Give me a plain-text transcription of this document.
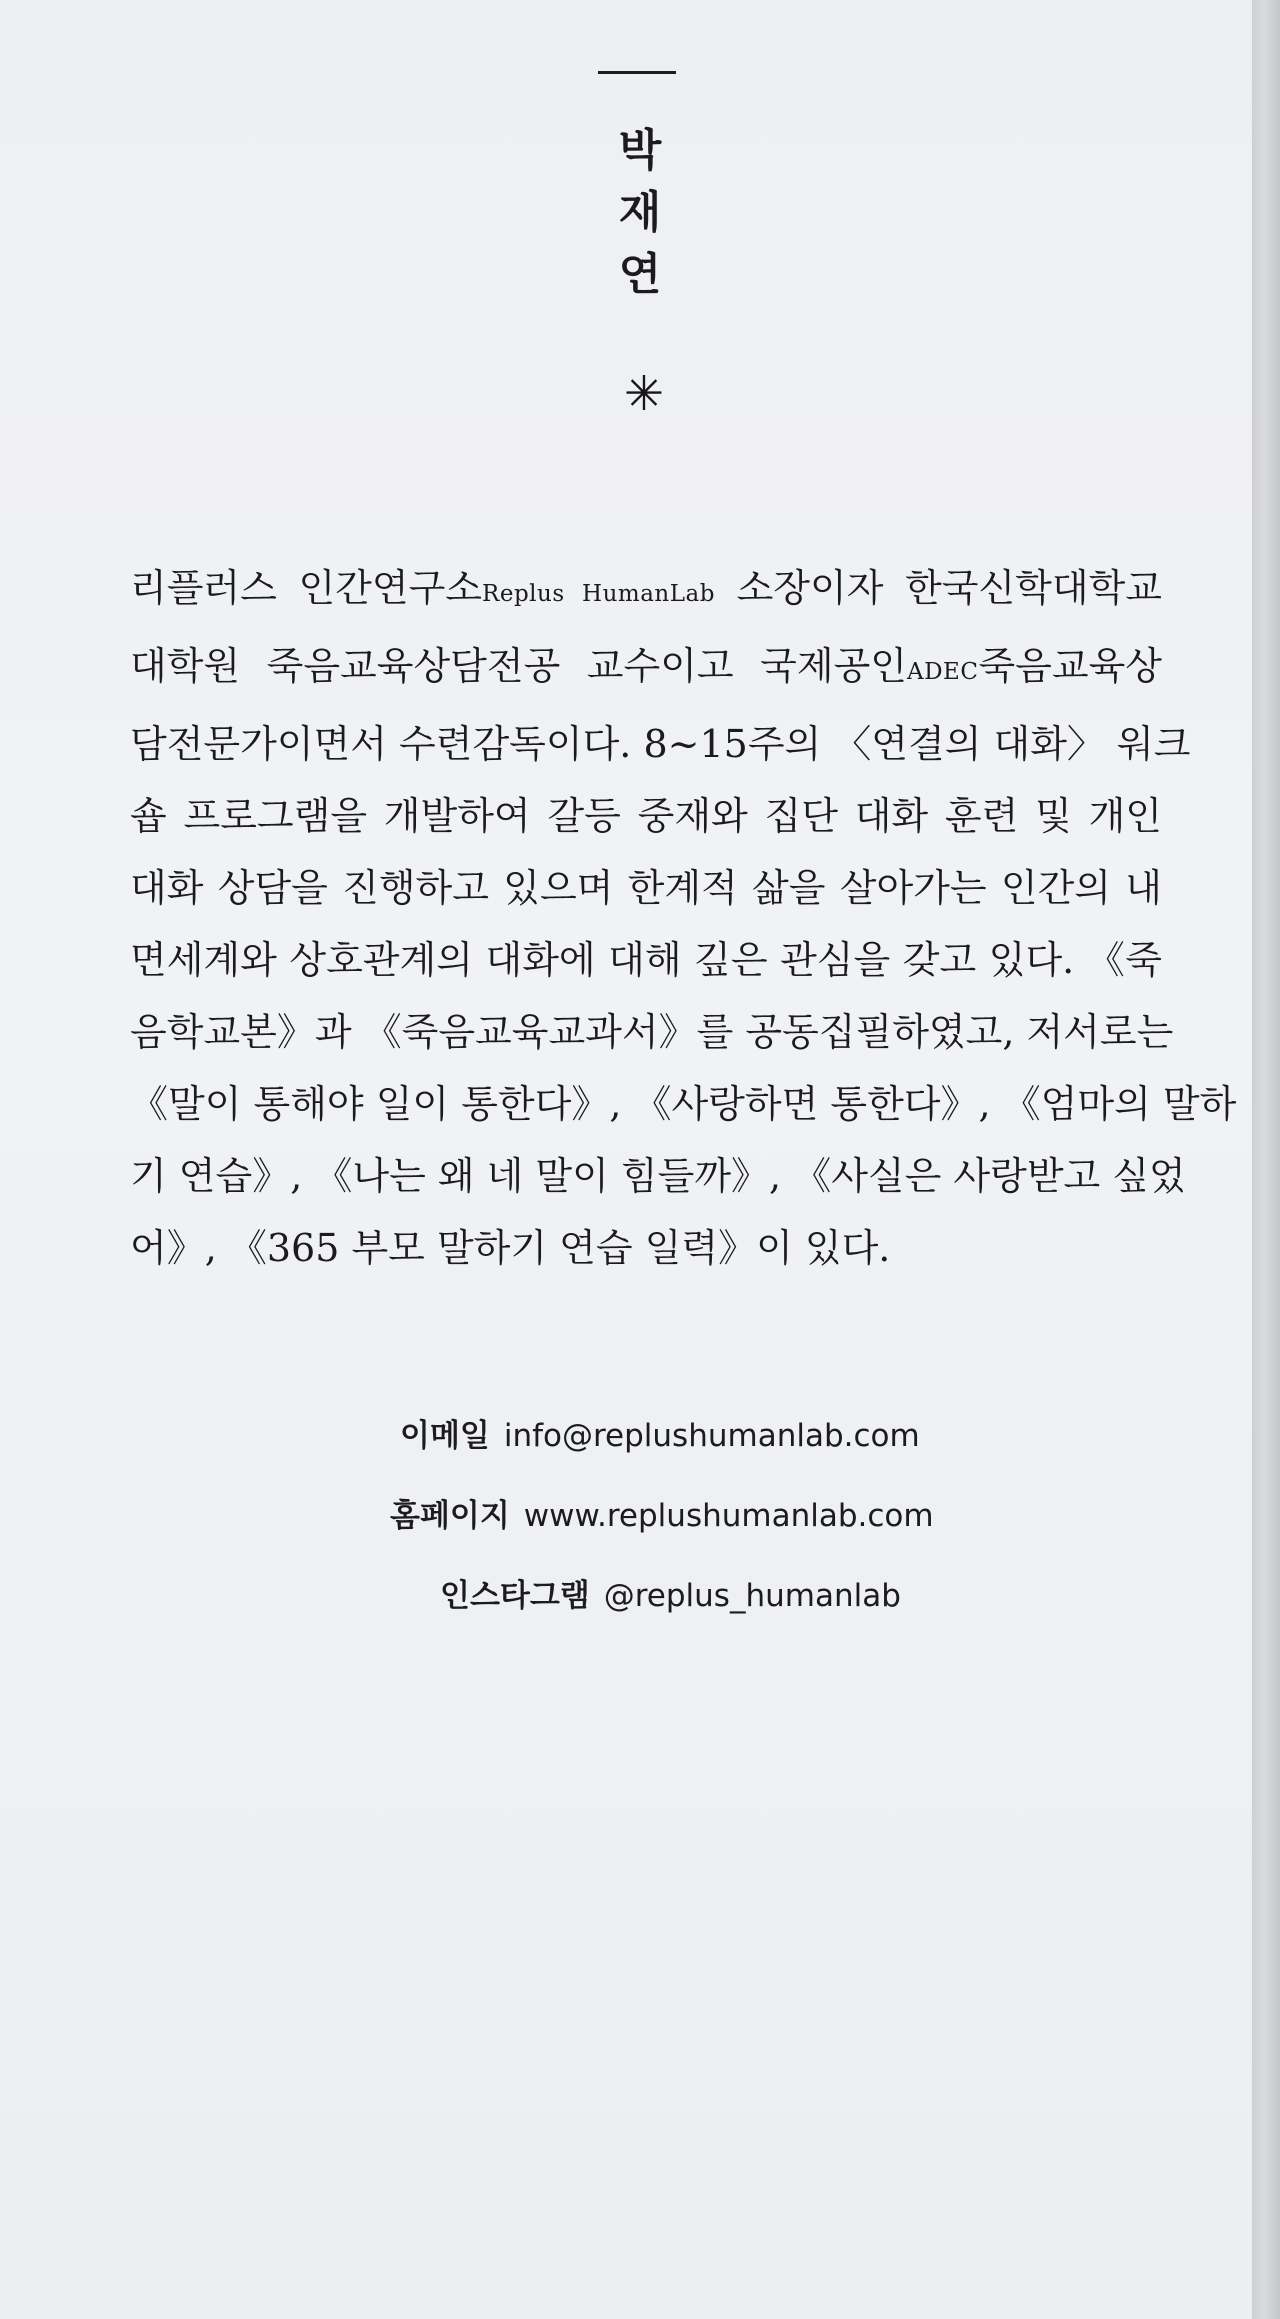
박
재
연
✳
리플러스 인간연구소Replus HumanLab 소장이자 한국신학대학교
대학원 죽음교육상담전공 교수이고 국제공인ADEC죽음교육상
담전문가이면서 수련감독이다. 8~15주의 〈연결의 대화〉 워크
숍 프로그램을 개발하여 갈등 중재와 집단 대화 훈련 및 개인
대화 상담을 진행하고 있으며 한계적 삶을 살아가는 인간의 내
면세계와 상호관계의 대화에 대해 깊은 관심을 갖고 있다. 《죽
음학교본》과 《죽음교육교과서》를 공동집필하였고, 저서로는
《말이 통해야 일이 통한다》, 《사랑하면 통한다》, 《엄마의 말하
기 연습》, 《나는 왜 네 말이 힘들까》, 《사실은 사랑받고 싶었
어》, 《365 부모 말하기 연습 일력》이 있다.
이메일 info@replushumanlab.com
홈페이지 www.replushumanlab.com
인스타그램 @replus_humanlab
